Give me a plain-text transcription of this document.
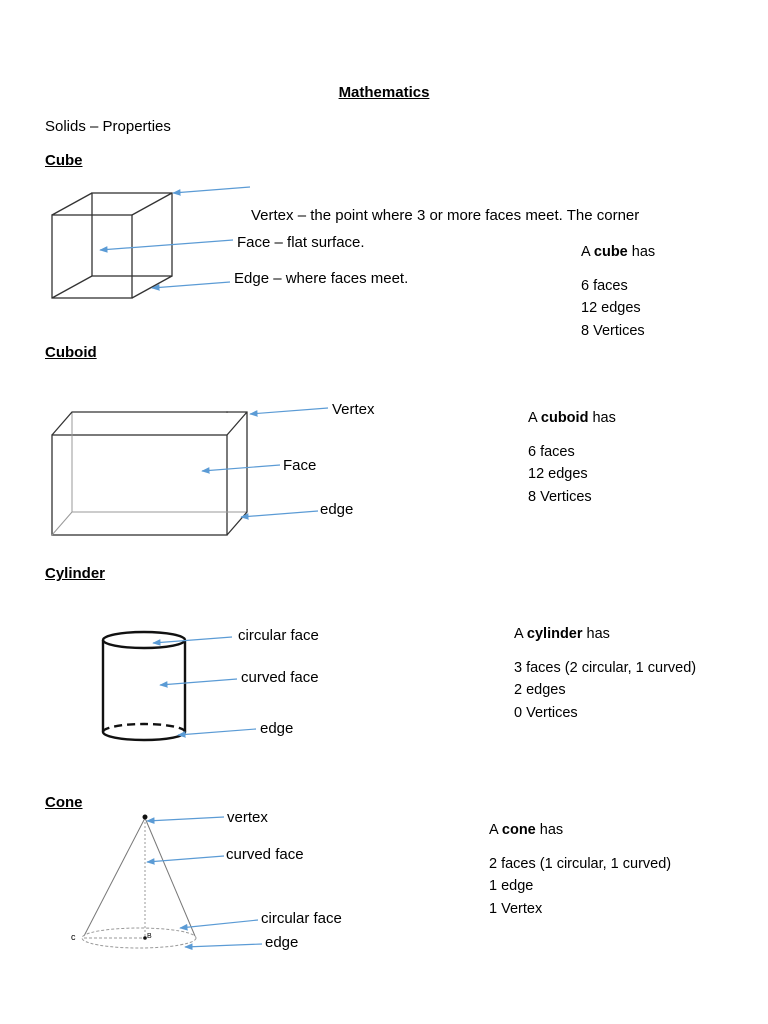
Mathematics
Solids – Properties
Cube
Vertex – the point where 3 or more faces meet. The corner
Face – flat surface.
Edge – where faces meet.
A cube has
6 faces
12 edges
8 Vertices
Cuboid
Vertex
Face
edge
A cuboid has
6 faces
12 edges
8 Vertices
Cylinder
circular face
curved face
edge
A cylinder has
3 faces (2 circular, 1 curved)
2 edges
0 Vertices
Cone
vertex
curved face
circular face
edge
c	B
A cone has
2 faces (1 circular, 1 curved)
1 edge
1 Vertex
